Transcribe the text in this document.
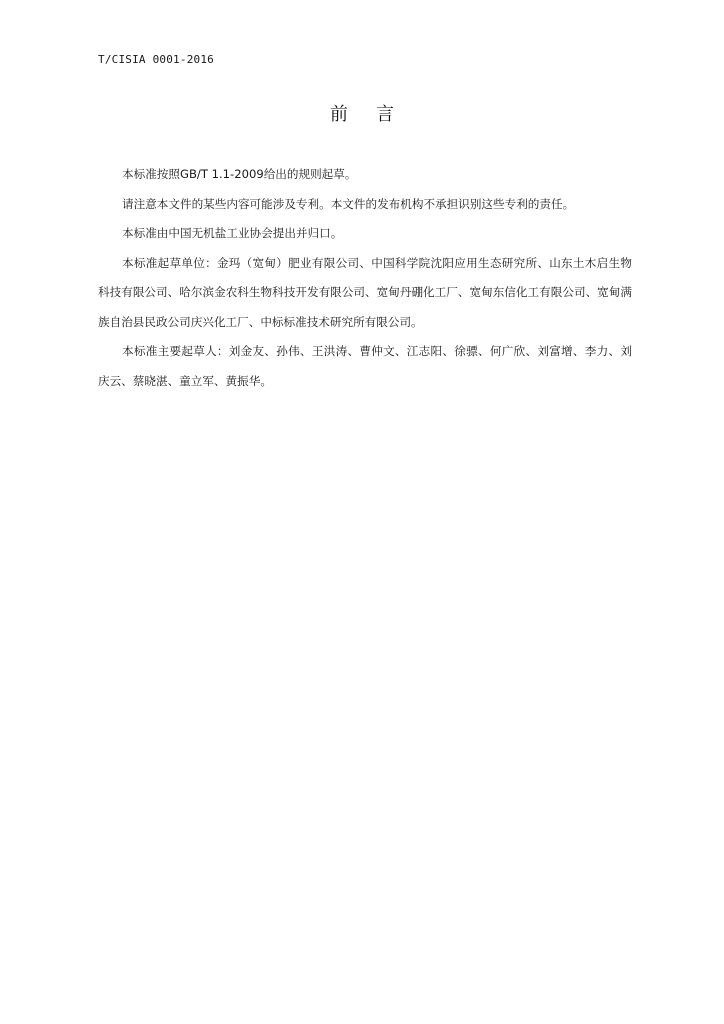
T/CISIA 0001-2016
前 言

本标准按照GB/T 1.1-2009给出的规则起草。

请注意本文件的某些内容可能涉及专利。本文件的发布机构不承担识别这些专利的责任。

本标准由中国无机盐工业协会提出并归口。

本标准起草单位：金玛（宽甸）肥业有限公司、中国科学院沈阳应用生态研究所、山东土木启生物科技有限公司、哈尔滨金农科生物科技开发有限公司、宽甸丹硼化工厂、宽甸东信化工有限公司、宽甸满族自治县民政公司庆兴化工厂、中标标准技术研究所有限公司。

本标准主要起草人：刘金友、孙伟、王洪涛、曹仲文、江志阳、徐骠、何广欣、刘富增、李力、刘庆云、蔡晓湛、童立军、黄振华。
